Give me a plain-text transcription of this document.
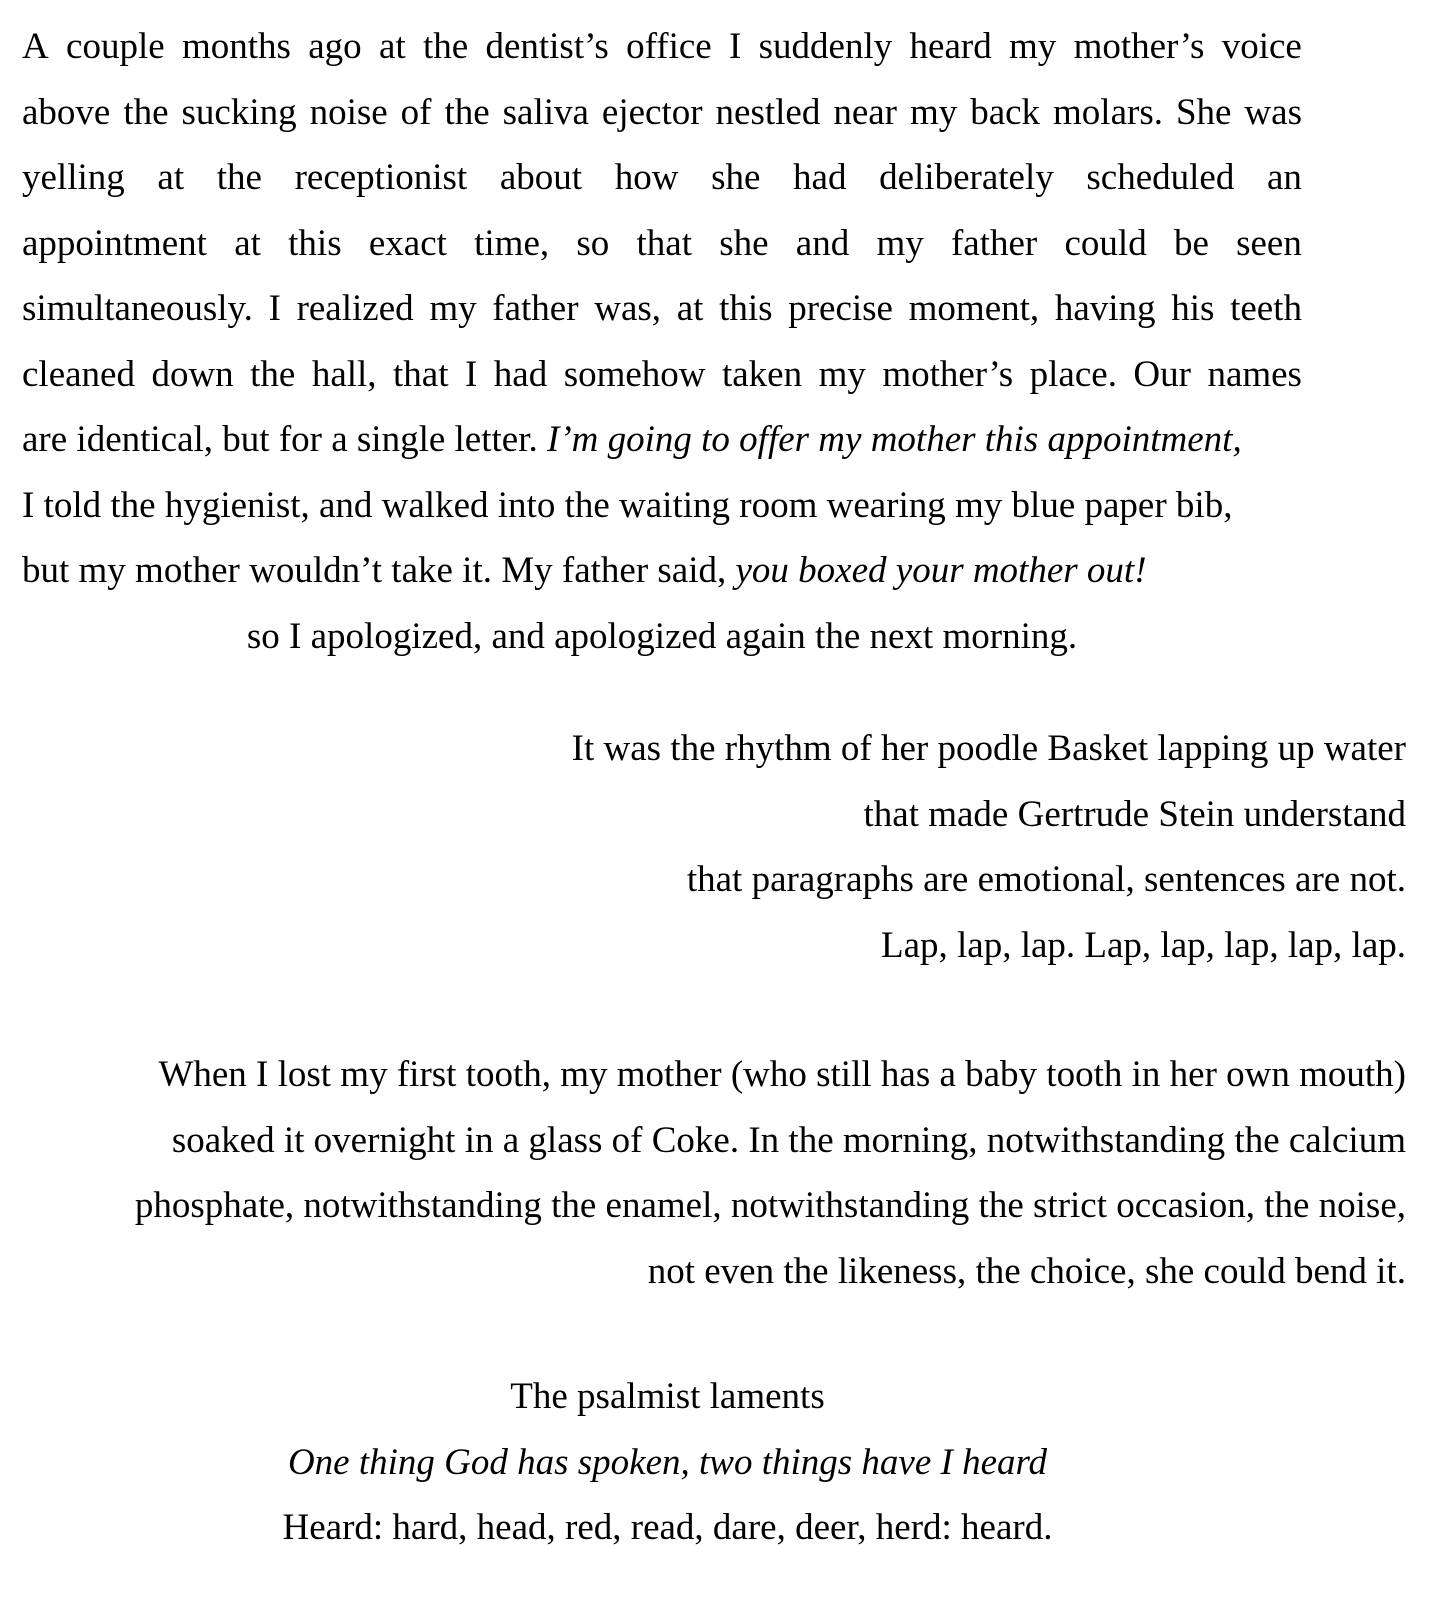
A couple months ago at the dentist’s office I suddenly heard my mother’s voice
above the sucking noise of the saliva ejector nestled near my back molars. She was
yelling at the receptionist about how she had deliberately scheduled an
appointment at this exact time, so that she and my father could be seen
simultaneously. I realized my father was, at this precise moment, having his teeth
cleaned down the hall, that I had somehow taken my mother’s place. Our names
are identical, but for a single letter. I’m going to offer my mother this appointment,
I told the hygienist, and walked into the waiting room wearing my blue paper bib,
but my mother wouldn’t take it. My father said, you boxed your mother out!
so I apologized, and apologized again the next morning.
It was the rhythm of her poodle Basket lapping up water
that made Gertrude Stein understand
that paragraphs are emotional, sentences are not.
Lap, lap, lap. Lap, lap, lap, lap, lap.
When I lost my first tooth, my mother (who still has a baby tooth in her own mouth)
soaked it overnight in a glass of Coke. In the morning, notwithstanding the calcium
phosphate, notwithstanding the enamel, notwithstanding the strict occasion, the noise,
not even the likeness, the choice, she could bend it.
The psalmist laments
One thing God has spoken, two things have I heard
Heard: hard, head, red, read, dare, deer, herd: heard.
